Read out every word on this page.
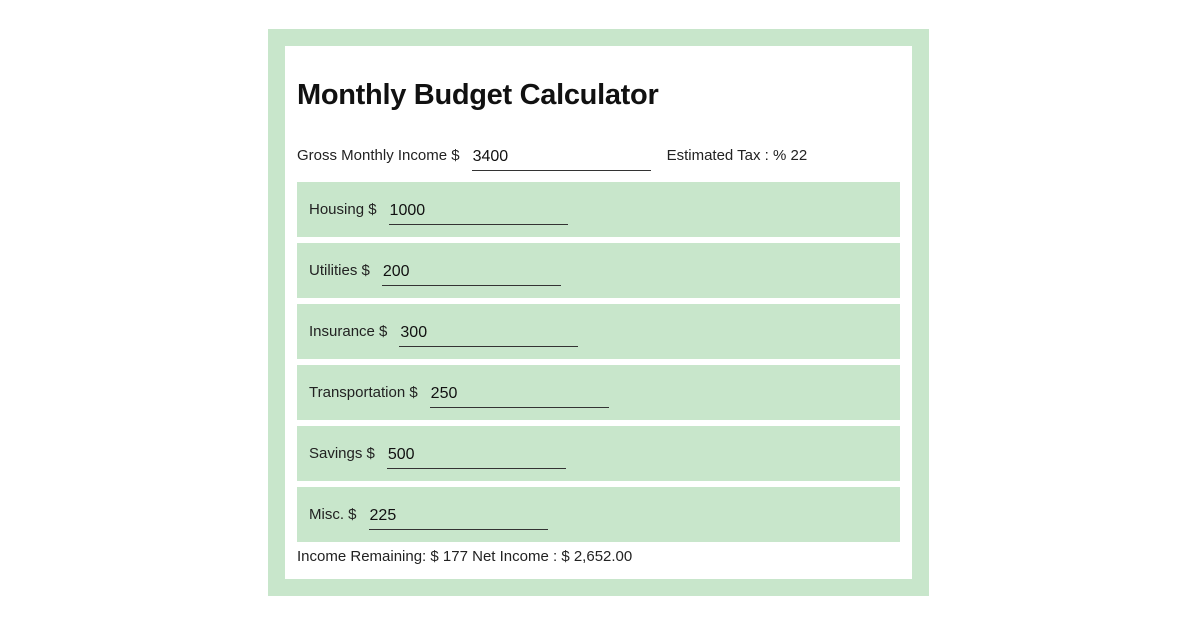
Monthly Budget Calculator
Gross Monthly Income $
3400	Estimated Tax : % 22
Housing $
1000
Utilities $
200
Insurance $
300
Transportation $
250
Savings $
500
Misc. $
225
Income Remaining: $ 177 Net Income : $ 2,652.00
